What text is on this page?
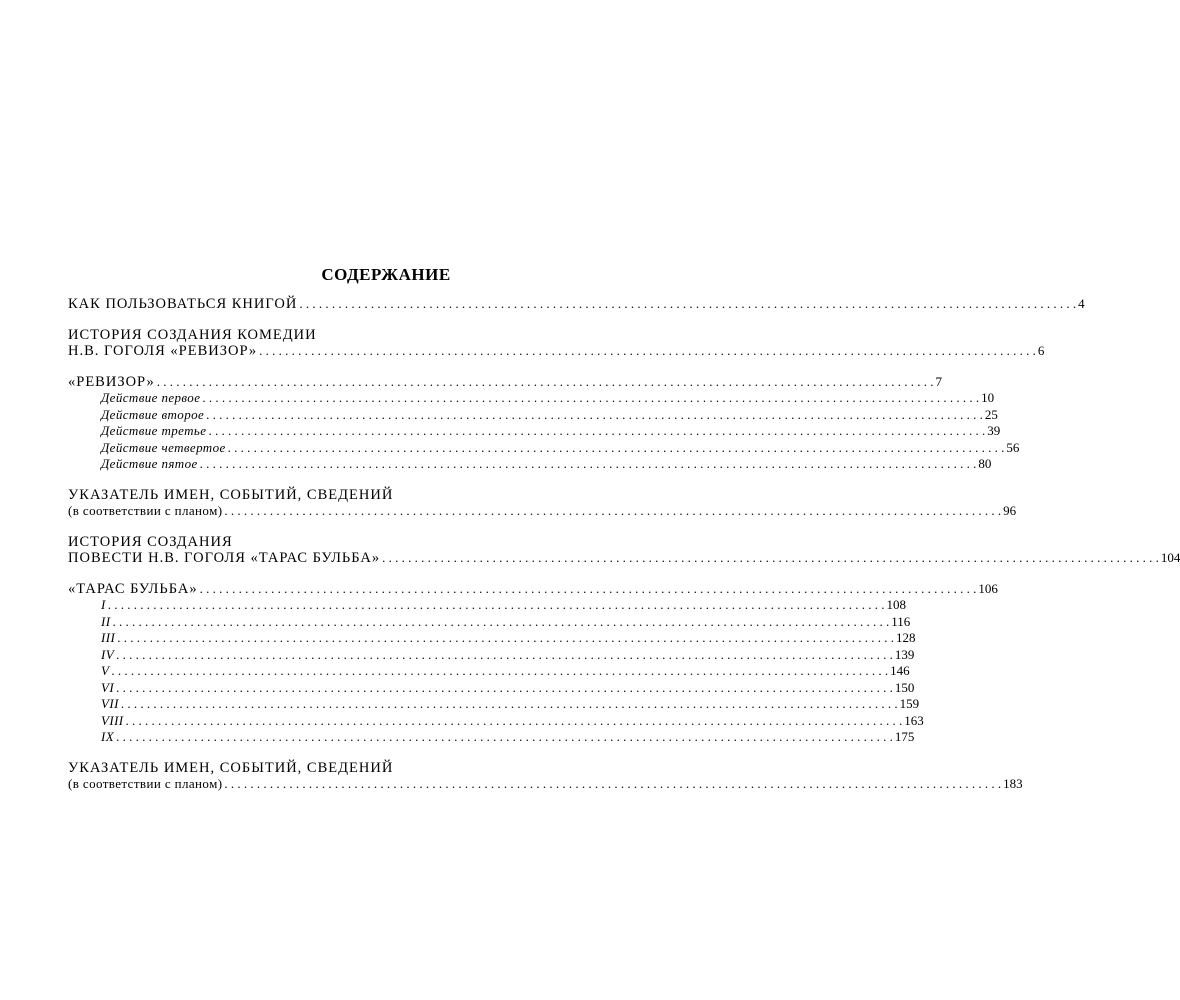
СОДЕРЖАНИЕ
КАК ПОЛЬЗОВАТЬСЯ КНИГОЙ . . . . . . . . . . . . . . . . . . . . . . . . . . . . . . . . . . . . . . . . . . . . . . . . . . . . . . . . . . . . . . . . . . . . . . . . . . . . . . . . . . . . . . . . . . . . . . . . . . . . . . . . . . . . . . . . . . . . . . . . 4
ИСТОРИЯ СОЗДАНИЯ КОМЕДИИ
Н.В. ГОГОЛЯ «РЕВИЗОР» . . . . . . . . . . . . . . . . . . . . . . . . . . . . . . . . . . . . . . . . . . . . . . . . . . . . . . . . . . . . . . . . . . . . . . . . . . . . . . . . . . . . . . . . . . . . . . . . . . . . . . . . . . . . . . . . . . . . . . . . 6
«РЕВИЗОР» . . . . . . . . . . . . . . . . . . . . . . . . . . . . . . . . . . . . . . . . . . . . . . . . . . . . . . . . . . . . . . . . . . . . . . . . . . . . . . . . . . . . . . . . . . . . . . . . . . . . . . . . . . . . . . . . . . . . . . . . 7
Действие первое . . . . . . . . . . . . . . . . . . . . . . . . . . . . . . . . . . . . . . . . . . . . . . . . . . . . . . . . . . . . . . . . . . . . . . . . . . . . . . . . . . . . . . . . . . . . . . . . . . . . . . . . . . . . . . . . . . . . . . . . 10
Действие второе . . . . . . . . . . . . . . . . . . . . . . . . . . . . . . . . . . . . . . . . . . . . . . . . . . . . . . . . . . . . . . . . . . . . . . . . . . . . . . . . . . . . . . . . . . . . . . . . . . . . . . . . . . . . . . . . . . . . . . . . 25
Действие третье . . . . . . . . . . . . . . . . . . . . . . . . . . . . . . . . . . . . . . . . . . . . . . . . . . . . . . . . . . . . . . . . . . . . . . . . . . . . . . . . . . . . . . . . . . . . . . . . . . . . . . . . . . . . . . . . . . . . . . . . 39
Действие четвертое . . . . . . . . . . . . . . . . . . . . . . . . . . . . . . . . . . . . . . . . . . . . . . . . . . . . . . . . . . . . . . . . . . . . . . . . . . . . . . . . . . . . . . . . . . . . . . . . . . . . . . . . . . . . . . . . . . . . . . . . 56
Действие пятое . . . . . . . . . . . . . . . . . . . . . . . . . . . . . . . . . . . . . . . . . . . . . . . . . . . . . . . . . . . . . . . . . . . . . . . . . . . . . . . . . . . . . . . . . . . . . . . . . . . . . . . . . . . . . . . . . . . . . . . . 80
УКАЗАТЕЛЬ ИМЕН, СОБЫТИЙ, СВЕДЕНИЙ
(в соответствии с планом) . . . . . . . . . . . . . . . . . . . . . . . . . . . . . . . . . . . . . . . . . . . . . . . . . . . . . . . . . . . . . . . . . . . . . . . . . . . . . . . . . . . . . . . . . . . . . . . . . . . . . . . . . . . . . . . . . . . . . . . . 96
ИСТОРИЯ СОЗДАНИЯ
ПОВЕСТИ Н.В. ГОГОЛЯ «ТАРАС БУЛЬБА» . . . . . . . . . . . . . . . . . . . . . . . . . . . . . . . . . . . . . . . . . . . . . . . . . . . . . . . . . . . . . . . . . . . . . . . . . . . . . . . . . . . . . . . . . . . . . . . . . . . . . . . . . . . . . . . . . . . . . . . . 104
«ТАРАС БУЛЬБА» . . . . . . . . . . . . . . . . . . . . . . . . . . . . . . . . . . . . . . . . . . . . . . . . . . . . . . . . . . . . . . . . . . . . . . . . . . . . . . . . . . . . . . . . . . . . . . . . . . . . . . . . . . . . . . . . . . . . . . . . 106
I . . . . . . . . . . . . . . . . . . . . . . . . . . . . . . . . . . . . . . . . . . . . . . . . . . . . . . . . . . . . . . . . . . . . . . . . . . . . . . . . . . . . . . . . . . . . . . . . . . . . . . . . . . . . . . . . . . . . . . . . 108
II . . . . . . . . . . . . . . . . . . . . . . . . . . . . . . . . . . . . . . . . . . . . . . . . . . . . . . . . . . . . . . . . . . . . . . . . . . . . . . . . . . . . . . . . . . . . . . . . . . . . . . . . . . . . . . . . . . . . . . . . 116
III . . . . . . . . . . . . . . . . . . . . . . . . . . . . . . . . . . . . . . . . . . . . . . . . . . . . . . . . . . . . . . . . . . . . . . . . . . . . . . . . . . . . . . . . . . . . . . . . . . . . . . . . . . . . . . . . . . . . . . . . 128
IV . . . . . . . . . . . . . . . . . . . . . . . . . . . . . . . . . . . . . . . . . . . . . . . . . . . . . . . . . . . . . . . . . . . . . . . . . . . . . . . . . . . . . . . . . . . . . . . . . . . . . . . . . . . . . . . . . . . . . . . . 139
V . . . . . . . . . . . . . . . . . . . . . . . . . . . . . . . . . . . . . . . . . . . . . . . . . . . . . . . . . . . . . . . . . . . . . . . . . . . . . . . . . . . . . . . . . . . . . . . . . . . . . . . . . . . . . . . . . . . . . . . . 146
VI . . . . . . . . . . . . . . . . . . . . . . . . . . . . . . . . . . . . . . . . . . . . . . . . . . . . . . . . . . . . . . . . . . . . . . . . . . . . . . . . . . . . . . . . . . . . . . . . . . . . . . . . . . . . . . . . . . . . . . . . 150
VII . . . . . . . . . . . . . . . . . . . . . . . . . . . . . . . . . . . . . . . . . . . . . . . . . . . . . . . . . . . . . . . . . . . . . . . . . . . . . . . . . . . . . . . . . . . . . . . . . . . . . . . . . . . . . . . . . . . . . . . . 159
VIII . . . . . . . . . . . . . . . . . . . . . . . . . . . . . . . . . . . . . . . . . . . . . . . . . . . . . . . . . . . . . . . . . . . . . . . . . . . . . . . . . . . . . . . . . . . . . . . . . . . . . . . . . . . . . . . . . . . . . . . . 163
IX . . . . . . . . . . . . . . . . . . . . . . . . . . . . . . . . . . . . . . . . . . . . . . . . . . . . . . . . . . . . . . . . . . . . . . . . . . . . . . . . . . . . . . . . . . . . . . . . . . . . . . . . . . . . . . . . . . . . . . . . 175
УКАЗАТЕЛЬ ИМЕН, СОБЫТИЙ, СВЕДЕНИЙ
(в соответствии с планом) . . . . . . . . . . . . . . . . . . . . . . . . . . . . . . . . . . . . . . . . . . . . . . . . . . . . . . . . . . . . . . . . . . . . . . . . . . . . . . . . . . . . . . . . . . . . . . . . . . . . . . . . . . . . . . . . . . . . . . . . 183
